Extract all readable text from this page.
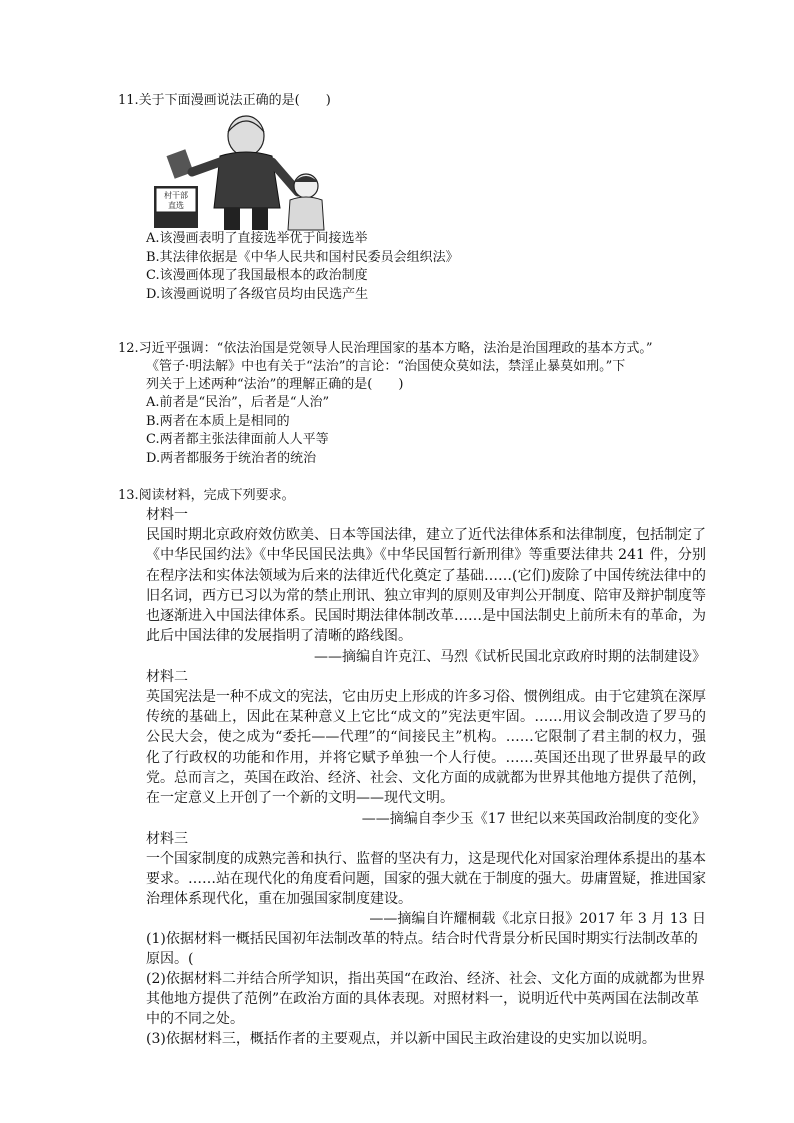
11.关于下面漫画说法正确的是(　　)
村干部
直选
A.该漫画表明了直接选举优于间接选举
B.其法律依据是《中华人民共和国村民委员会组织法》
C.该漫画体现了我国最根本的政治制度
D.该漫画说明了各级官员均由民选产生
12.习近平强调：“依法治国是党领导人民治理国家的基本方略，法治是治国理政的基本方式。”
《管子·明法解》中也有关于“法治”的言论：“治国使众莫如法，禁淫止暴莫如刑。”下
列关于上述两种“法治”的理解正确的是(　　)
A.前者是“民治”，后者是“人治”
B.两者在本质上是相同的
C.两者都主张法律面前人人平等
D.两者都服务于统治者的统治
13.阅读材料，完成下列要求。
材料一
民国时期北京政府效仿欧美、日本等国法律，建立了近代法律体系和法律制度，包括制定了《中华民国约法》《中华民国民法典》《中华民国暂行新刑律》等重要法律共 241 件，分别在程序法和实体法领域为后来的法律近代化奠定了基础……(它们)废除了中国传统法律中的旧名词，西方已习以为常的禁止刑讯、独立审判的原则及审判公开制度、陪审及辩护制度等也逐渐进入中国法律体系。民国时期法律体制改革……是中国法制史上前所未有的革命，为此后中国法律的发展指明了清晰的路线图。
——摘编自许克江、马烈《试析民国北京政府时期的法制建设》
材料二
英国宪法是一种不成文的宪法，它由历史上形成的许多习俗、惯例组成。由于它建筑在深厚传统的基础上，因此在某种意义上它比“成文的”宪法更牢固。……用议会制改造了罗马的公民大会，使之成为“委托——代理”的“间接民主”机构。……它限制了君主制的权力，强化了行政权的功能和作用，并将它赋予单独一个人行使。……英国还出现了世界最早的政党。总而言之，英国在政治、经济、社会、文化方面的成就都为世界其他地方提供了范例，在一定意义上开创了一个新的文明——现代文明。
——摘编自李少玉《17 世纪以来英国政治制度的变化》
材料三
一个国家制度的成熟完善和执行、监督的坚决有力，这是现代化对国家治理体系提出的基本要求。……站在现代化的角度看问题，国家的强大就在于制度的强大。毋庸置疑，推进国家治理体系现代化，重在加强国家制度建设。
——摘编自许耀桐载《北京日报》2017 年 3 月 13 日
(1)依据材料一概括民国初年法制改革的特点。结合时代背景分析民国时期实行法制改革的原因。(
(2)依据材料二并结合所学知识，指出英国“在政治、经济、社会、文化方面的成就都为世界其他地方提供了范例”在政治方面的具体表现。对照材料一，说明近代中英两国在法制改革中的不同之处。
(3)依据材料三，概括作者的主要观点，并以新中国民主政治建设的史实加以说明。
